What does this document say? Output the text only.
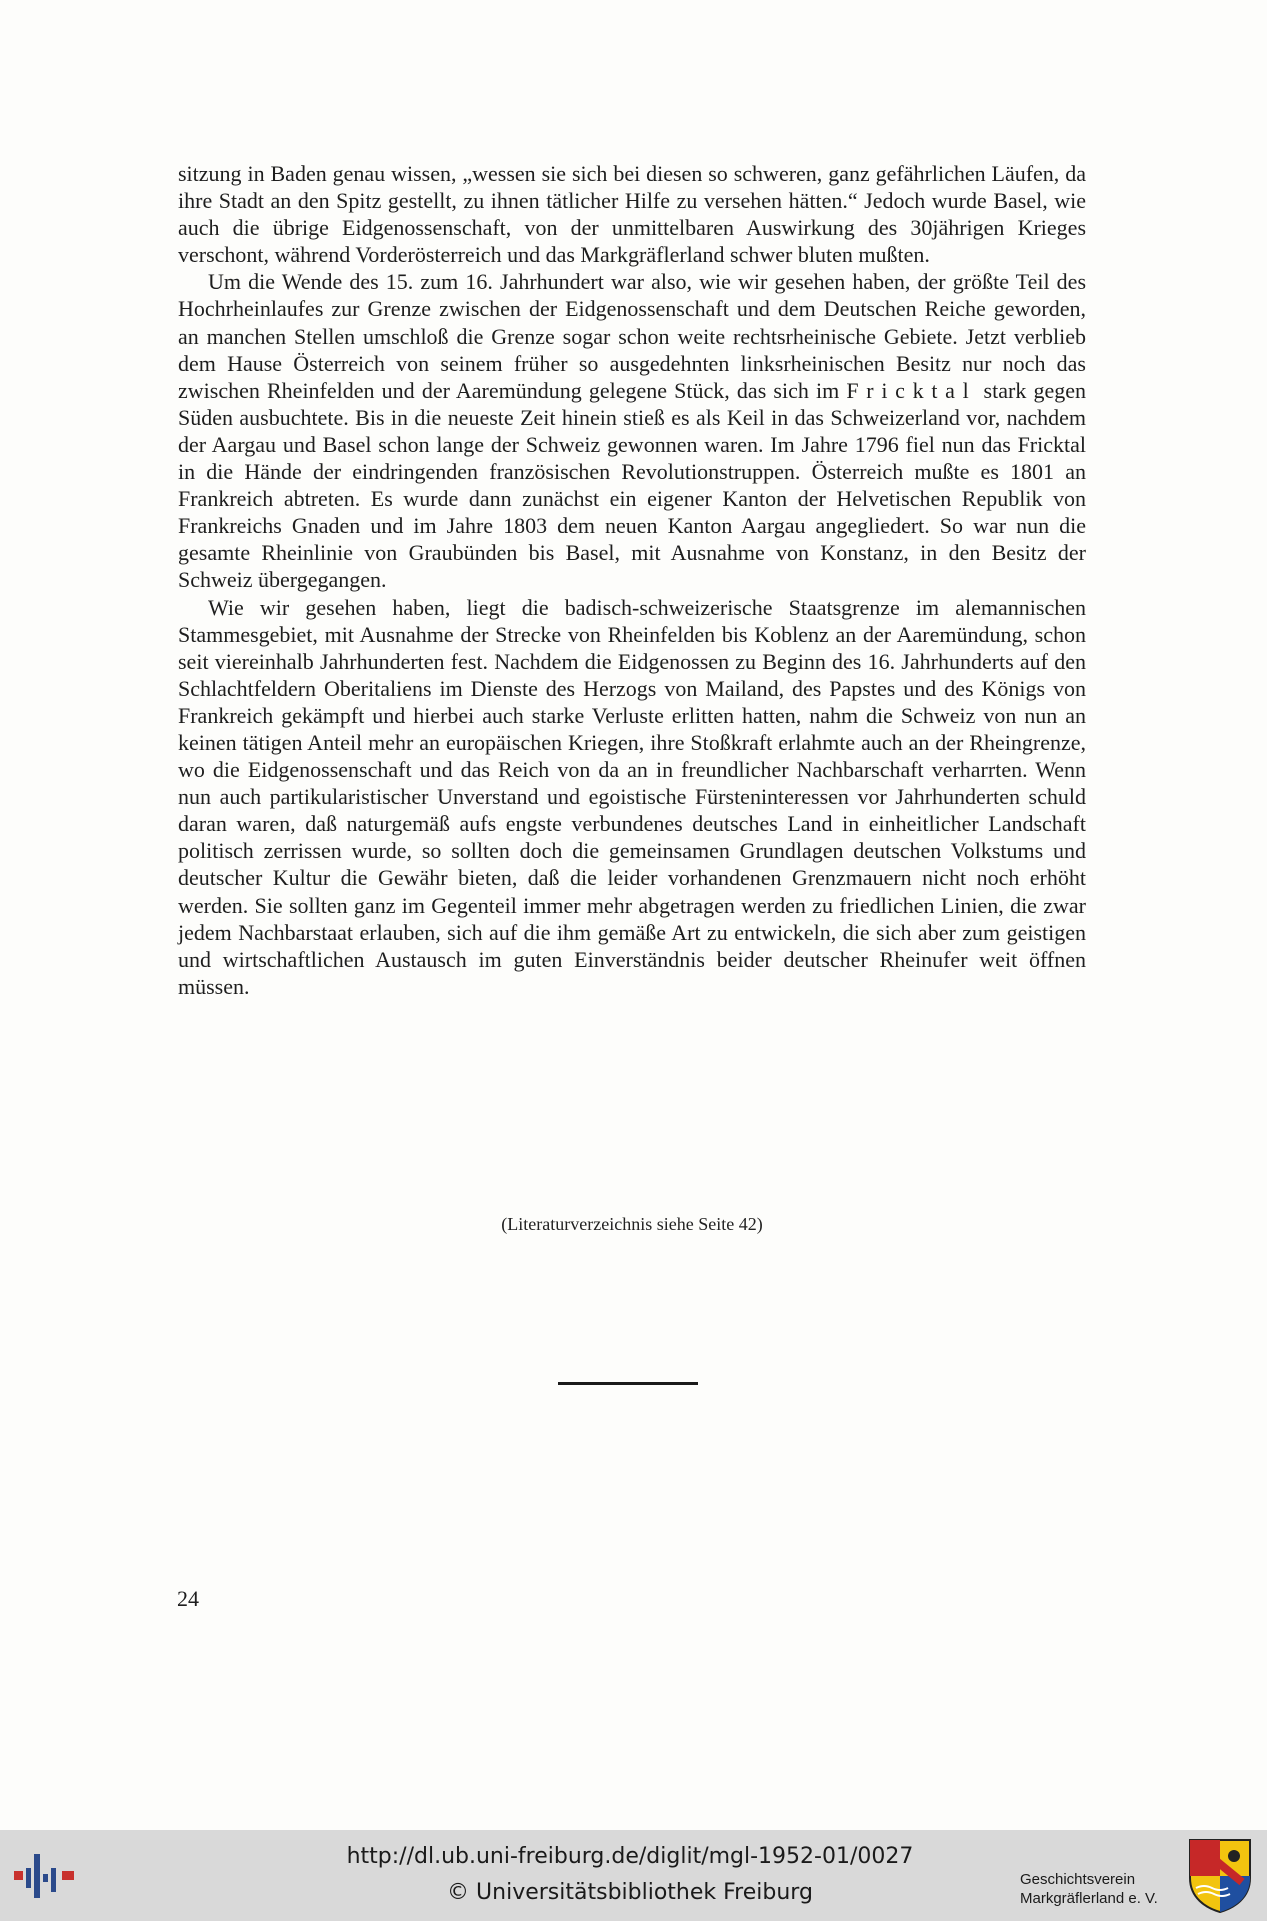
sitzung in Baden genau wissen, „wessen sie sich bei diesen so schweren, ganz gefährlichen Läufen, da ihre Stadt an den Spitz gestellt, zu ihnen tätlicher Hilfe zu versehen hätten.“ Jedoch wurde Basel, wie auch die übrige Eidgenossenschaft, von der unmittelbaren Auswirkung des 30jährigen Krieges verschont, während Vorderösterreich und das Markgräflerland schwer bluten mußten.

Um die Wende des 15. zum 16. Jahrhundert war also, wie wir gesehen haben, der größte Teil des Hochrheinlaufes zur Grenze zwischen der Eidgenossenschaft und dem Deutschen Reiche geworden, an manchen Stellen umschloß die Grenze sogar schon weite rechtsrheinische Gebiete. Jetzt verblieb dem Hause Österreich von seinem früher so ausgedehnten linksrheinischen Besitz nur noch das zwischen Rheinfelden und der Aaremündung gelegene Stück, das sich im Fricktal stark gegen Süden ausbuchtete. Bis in die neueste Zeit hinein stieß es als Keil in das Schweizerland vor, nachdem der Aargau und Basel schon lange der Schweiz gewonnen waren. Im Jahre 1796 fiel nun das Fricktal in die Hände der eindringenden französischen Revolutionstruppen. Österreich mußte es 1801 an Frankreich abtreten. Es wurde dann zunächst ein eigener Kanton der Helvetischen Republik von Frankreichs Gnaden und im Jahre 1803 dem neuen Kanton Aargau angegliedert. So war nun die gesamte Rheinlinie von Graubünden bis Basel, mit Ausnahme von Konstanz, in den Besitz der Schweiz übergegangen.

Wie wir gesehen haben, liegt die badisch-schweizerische Staatsgrenze im alemannischen Stammesgebiet, mit Ausnahme der Strecke von Rheinfelden bis Koblenz an der Aaremündung, schon seit viereinhalb Jahrhunderten fest. Nachdem die Eidgenossen zu Beginn des 16. Jahrhunderts auf den Schlachtfeldern Oberitaliens im Dienste des Herzogs von Mailand, des Papstes und des Königs von Frankreich gekämpft und hierbei auch starke Verluste erlitten hatten, nahm die Schweiz von nun an keinen tätigen Anteil mehr an europäischen Kriegen, ihre Stoßkraft erlahmte auch an der Rheingrenze, wo die Eidgenossenschaft und das Reich von da an in freundlicher Nachbarschaft verharrten. Wenn nun auch partikularistischer Unverstand und egoistische Fürsteninteressen vor Jahrhunderten schuld daran waren, daß naturgemäß aufs engste verbundenes deutsches Land in einheitlicher Landschaft politisch zerrissen wurde, so sollten doch die gemeinsamen Grundlagen deutschen Volkstums und deutscher Kultur die Gewähr bieten, daß die leider vorhandenen Grenzmauern nicht noch erhöht werden. Sie sollten ganz im Gegenteil immer mehr abgetragen werden zu friedlichen Linien, die zwar jedem Nachbarstaat erlauben, sich auf die ihm gemäße Art zu entwickeln, die sich aber zum geistigen und wirtschaftlichen Austausch im guten Einverständnis beider deutscher Rheinufer weit öffnen müssen.

(Literaturverzeichnis siehe Seite 42)
24
http://dl.ub.uni-freiburg.de/diglit/mgl-1952-01/0027
© Universitätsbibliothek Freiburg
Geschichtsverein
Markgräflerland e. V.
